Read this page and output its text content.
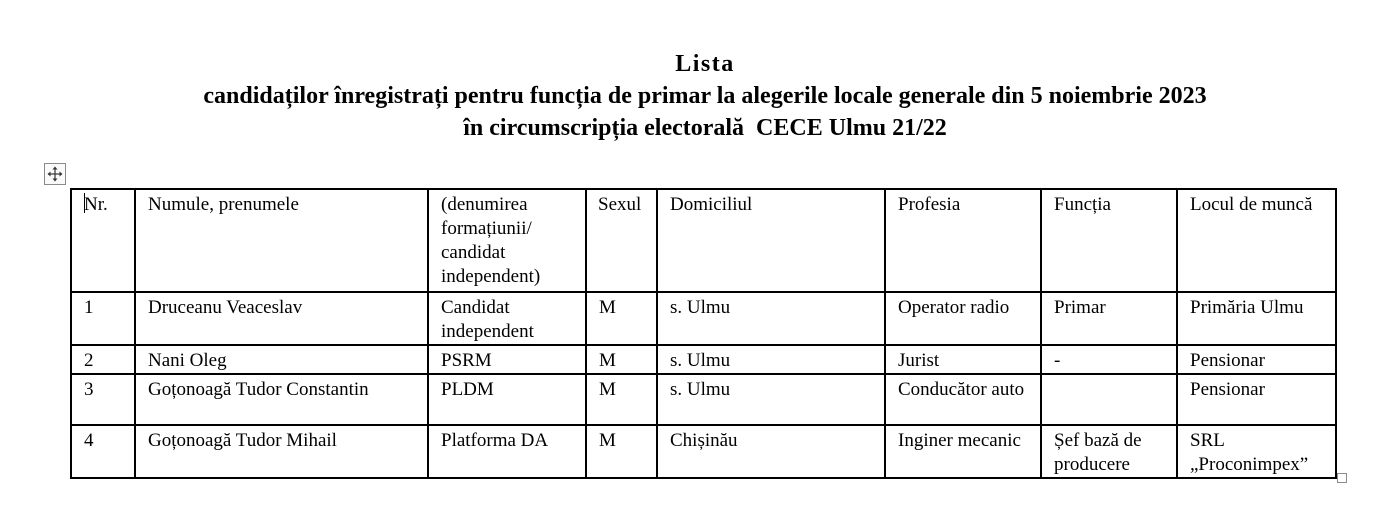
Lista
candidaților înregistrați pentru funcția de primar la alegerile locale generale din 5 noiembrie 2023
în circumscripția electorală  CECE Ulmu 21/22
Nr.	Numule, prenumele	(denumirea formațiunii/ candidat independent)	Sexul	Domiciliul	Profesia	Funcția	Locul de muncă
1	Druceanu Veaceslav	Candidat independent	M	s. Ulmu	Operator radio	Primar	Primăria Ulmu
2	Nani Oleg	PSRM	M	s. Ulmu	Jurist	-	Pensionar
3	Goțonoagă Tudor Constantin	PLDM	M	s. Ulmu	Conducător auto		Pensionar
4	Goțonoagă Tudor Mihail	Platforma DA	M	Chișinău	Inginer mecanic	Șef bază de producere	SRL „Proconimpex”
